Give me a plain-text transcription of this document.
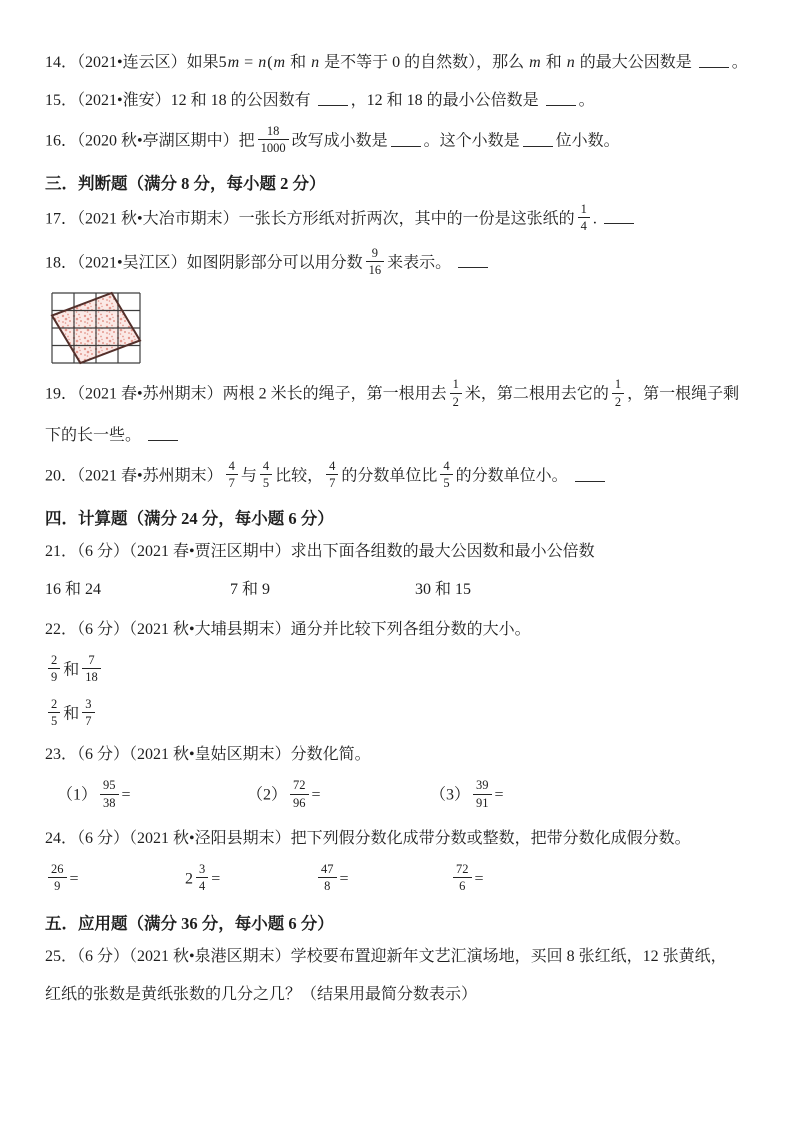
14．（2021•连云区）如果5m = n(m 和 n 是不等于 0 的自然数），那么 m 和 n 的最大公因数是 。
15．（2021•淮安）12 和 18 的公因数有 ，12 和 18 的最小公倍数是 。
16．（2020 秋•亭湖区期中）把 $\frac{18}{1000}$ 改写成小数是 。这个小数是 位小数。
三．判断题（满分 8 分，每小题 2 分）
17．（2021 秋•大冶市期末）一张长方形纸对折两次，其中的一份是这张纸的 $\frac{1}{4}$ .
18．（2021•吴江区）如图阴影部分可以用分数 $\frac{9}{16}$ 来表示。
19．（2021 春•苏州期末）两根 2 米长的绳子，第一根用去 $\frac{1}{2}$ 米，第二根用去它的 $\frac{1}{2}$ ，第一根绳子剩
下的长一些。
20．（2021 春•苏州期末） $\frac{4}{7}$ 与 $\frac{4}{5}$ 比较， $\frac{4}{7}$ 的分数单位比 $\frac{4}{5}$ 的分数单位小。
四．计算题（满分 24 分，每小题 6 分）
21．（6 分）（2021 春•贾汪区期中）求出下面各组数的最大公因数和最小公倍数
16 和 24	7 和 9	30 和 15
22．（6 分）（2021 秋•大埔县期末）通分并比较下列各组分数的大小。
$\frac{2}{9}$ 和 $\frac{7}{18}$
$\frac{2}{5}$ 和 $\frac{3}{7}$
23．（6 分）（2021 秋•皇姑区期末）分数化简。
$(1) \frac{95}{38}$ =	$(2) \frac{72}{96}$ =	$(3) \frac{39}{91}$ =
24．（6 分）（2021 秋•泾阳县期末）把下列假分数化成带分数或整数，把带分数化成假分数。
$\frac{26}{9}$ =	$2 \frac{3}{4}$ =	$\frac{47}{8}$ =	$\frac{72}{6}$ =
五．应用题（满分 36 分，每小题 6 分）
25．（6 分）（2021 秋•泉港区期末）学校要布置迎新年文艺汇演场地，买回 8 张红纸，12 张黄纸，
红纸的张数是黄纸张数的几分之几？（结果用最简分数表示）
